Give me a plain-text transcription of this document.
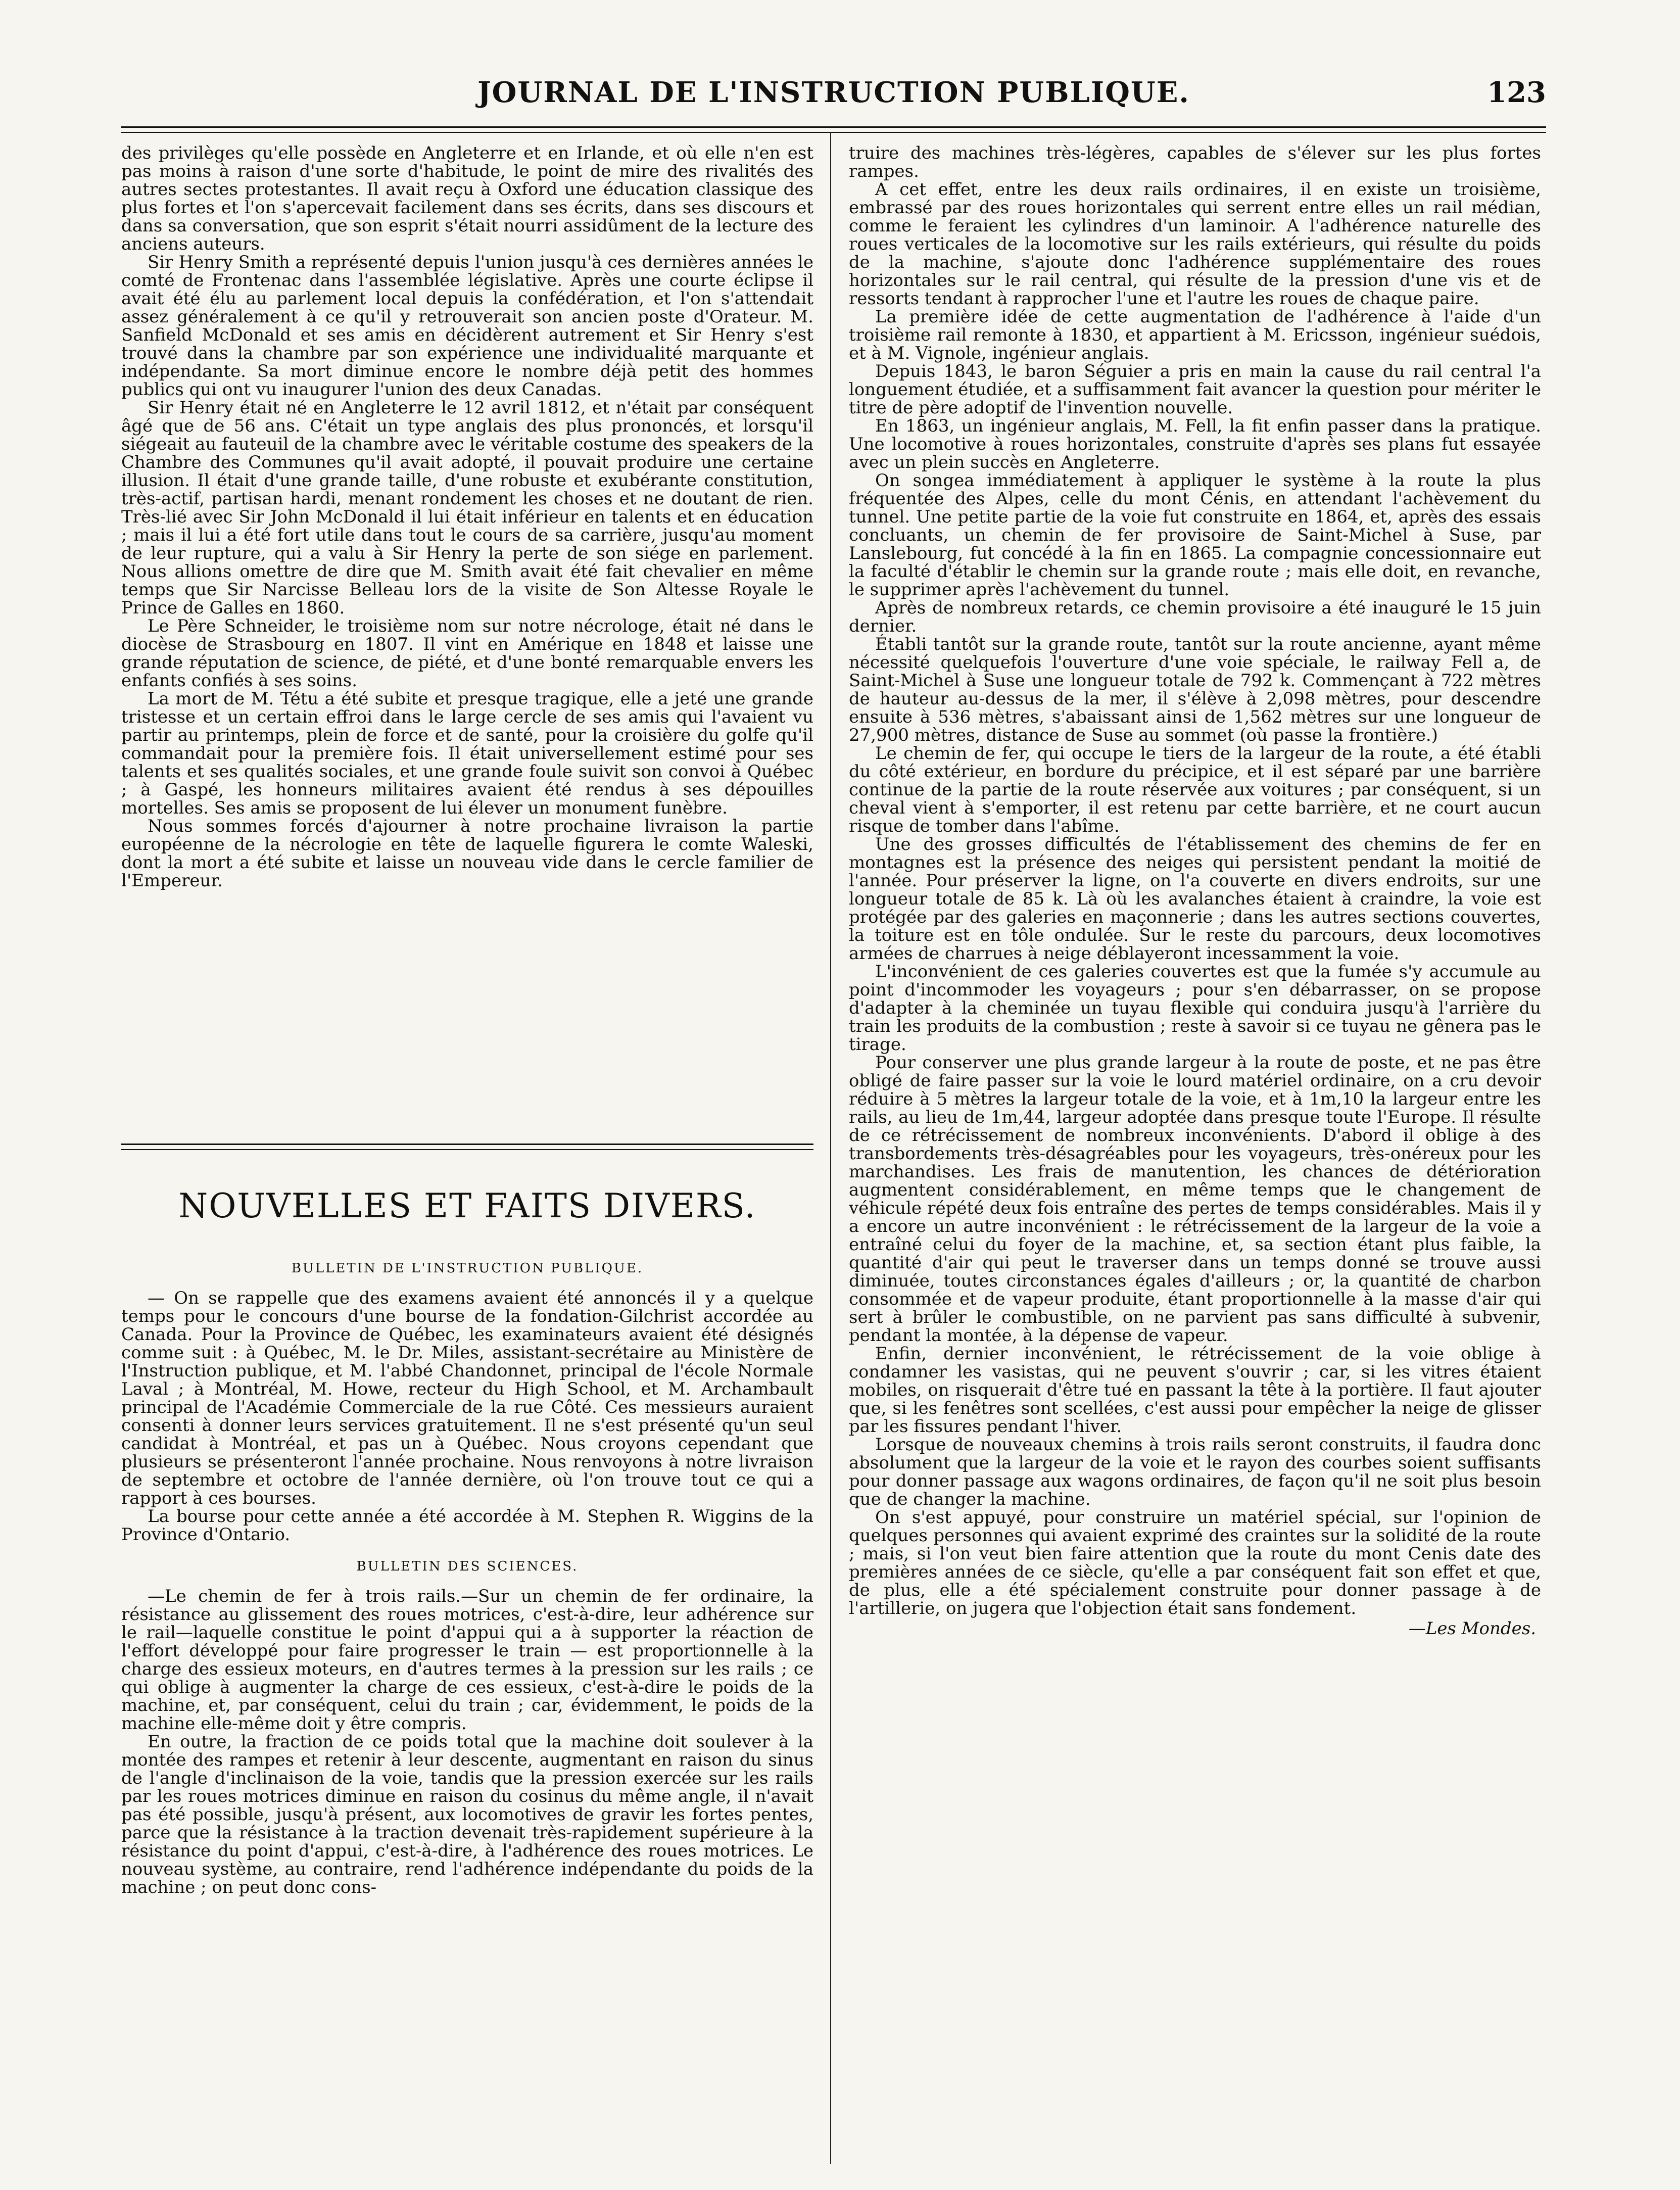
JOURNAL DE L'INSTRUCTION PUBLIQUE.	123

des privilèges qu'elle possède en Angleterre et en Irlande, et où elle n'en est pas moins à raison d'une sorte d'habitude, le point de mire des rivalités des autres sectes protestantes. Il avait reçu à Oxford une éducation classique des plus fortes et l'on s'apercevait facilement dans ses écrits, dans ses discours et dans sa conversation, que son esprit s'était nourri assidûment de la lecture des anciens auteurs.

Sir Henry Smith a représenté depuis l'union jusqu'à ces dernières années le comté de Frontenac dans l'assemblée législative. Après une courte éclipse il avait été élu au parlement local depuis la confédération, et l'on s'attendait assez généralement à ce qu'il y retrouverait son ancien poste d'Orateur. M. Sanfield McDonald et ses amis en décidèrent autrement et Sir Henry s'est trouvé dans la chambre par son expérience une individualité marquante et indépendante. Sa mort diminue encore le nombre déjà petit des hommes publics qui ont vu inaugurer l'union des deux Canadas.

Sir Henry était né en Angleterre le 12 avril 1812, et n'était par conséquent âgé que de 56 ans. C'était un type anglais des plus prononcés, et lorsqu'il siégeait au fauteuil de la chambre avec le véritable costume des speakers de la Chambre des Communes qu'il avait adopté, il pouvait produire une certaine illusion. Il était d'une grande taille, d'une robuste et exubérante constitution, très-actif, partisan hardi, menant rondement les choses et ne doutant de rien. Très-lié avec Sir John McDonald il lui était inférieur en talents et en éducation ; mais il lui a été fort utile dans tout le cours de sa carrière, jusqu'au moment de leur rupture, qui a valu à Sir Henry la perte de son siége en parlement. Nous allions omettre de dire que M. Smith avait été fait chevalier en même temps que Sir Narcisse Belleau lors de la visite de Son Altesse Royale le Prince de Galles en 1860.

Le Père Schneider, le troisième nom sur notre nécrologe, était né dans le diocèse de Strasbourg en 1807. Il vint en Amérique en 1848 et laisse une grande réputation de science, de piété, et d'une bonté remarquable envers les enfants confiés à ses soins.

La mort de M. Tétu a été subite et presque tragique, elle a jeté une grande tristesse et un certain effroi dans le large cercle de ses amis qui l'avaient vu partir au printemps, plein de force et de santé, pour la croisière du golfe qu'il commandait pour la première fois. Il était universellement estimé pour ses talents et ses qualités sociales, et une grande foule suivit son convoi à Québec ; à Gaspé, les honneurs militaires avaient été rendus à ses dépouilles mortelles. Ses amis se proposent de lui élever un monument funèbre.

Nous sommes forcés d'ajourner à notre prochaine livraison la partie européenne de la nécrologie en tête de laquelle figurera le comte Waleski, dont la mort a été subite et laisse un nouveau vide dans le cercle familier de l'Empereur.

NOUVELLES ET FAITS DIVERS.
BULLETIN DE L'INSTRUCTION PUBLIQUE.

— On se rappelle que des examens avaient été annoncés il y a quelque temps pour le concours d'une bourse de la fondation-Gilchrist accordée au Canada. Pour la Province de Québec, les examinateurs avaient été désignés comme suit : à Québec, M. le Dr. Miles, assistant-secrétaire au Ministère de l'Instruction publique, et M. l'abbé Chandonnet, principal de l'école Normale Laval ; à Montréal, M. Howe, recteur du High School, et M. Archambault principal de l'Académie Commerciale de la rue Côté. Ces messieurs auraient consenti à donner leurs services gratuitement. Il ne s'est présenté qu'un seul candidat à Montréal, et pas un à Québec. Nous croyons cependant que plusieurs se présenteront l'année prochaine. Nous renvoyons à notre livraison de septembre et octobre de l'année dernière, où l'on trouve tout ce qui a rapport à ces bourses.

La bourse pour cette année a été accordée à M. Stephen R. Wiggins de la Province d'Ontario.

BULLETIN DES SCIENCES.

—Le chemin de fer à trois rails.—Sur un chemin de fer ordinaire, la résistance au glissement des roues motrices, c'est-à-dire, leur adhérence sur le rail—laquelle constitue le point d'appui qui a à supporter la réaction de l'effort développé pour faire progresser le train — est proportionnelle à la charge des essieux moteurs, en d'autres termes à la pression sur les rails ; ce qui oblige à augmenter la charge de ces essieux, c'est-à-dire le poids de la machine, et, par conséquent, celui du train ; car, évidemment, le poids de la machine elle-même doit y être compris.

En outre, la fraction de ce poids total que la machine doit soulever à la montée des rampes et retenir à leur descente, augmentant en raison du sinus de l'angle d'inclinaison de la voie, tandis que la pression exercée sur les rails par les roues motrices diminue en raison du cosinus du même angle, il n'avait pas été possible, jusqu'à présent, aux locomotives de gravir les fortes pentes, parce que la résistance à la traction devenait très-rapidement supérieure à la résistance du point d'appui, c'est-à-dire, à l'adhérence des roues motrices. Le nouveau système, au contraire, rend l'adhérence indépendante du poids de la machine ; on peut donc cons-

truire des machines très-légères, capables de s'élever sur les plus fortes rampes.

A cet effet, entre les deux rails ordinaires, il en existe un troisième, embrassé par des roues horizontales qui serrent entre elles un rail médian, comme le feraient les cylindres d'un laminoir. A l'adhérence naturelle des roues verticales de la locomotive sur les rails extérieurs, qui résulte du poids de la machine, s'ajoute donc l'adhérence supplémentaire des roues horizontales sur le rail central, qui résulte de la pression d'une vis et de ressorts tendant à rapprocher l'une et l'autre les roues de chaque paire.

La première idée de cette augmentation de l'adhérence à l'aide d'un troisième rail remonte à 1830, et appartient à M. Ericsson, ingénieur suédois, et à M. Vignole, ingénieur anglais.

Depuis 1843, le baron Séguier a pris en main la cause du rail central l'a longuement étudiée, et a suffisamment fait avancer la question pour mériter le titre de père adoptif de l'invention nouvelle.

En 1863, un ingénieur anglais, M. Fell, la fit enfin passer dans la pratique. Une locomotive à roues horizontales, construite d'après ses plans fut essayée avec un plein succès en Angleterre.

On songea immédiatement à appliquer le système à la route la plus fréquentée des Alpes, celle du mont Cénis, en attendant l'achèvement du tunnel. Une petite partie de la voie fut construite en 1864, et, après des essais concluants, un chemin de fer provisoire de Saint-Michel à Suse, par Lanslebourg, fut concédé à la fin en 1865. La compagnie concessionnaire eut la faculté d'établir le chemin sur la grande route ; mais elle doit, en revanche, le supprimer après l'achèvement du tunnel.

Après de nombreux retards, ce chemin provisoire a été inauguré le 15 juin dernier.

Établi tantôt sur la grande route, tantôt sur la route ancienne, ayant même nécessité quelquefois l'ouverture d'une voie spéciale, le railway Fell a, de Saint-Michel à Suse une longueur totale de 792 k. Commençant à 722 mètres de hauteur au-dessus de la mer, il s'élève à 2,098 mètres, pour descendre ensuite à 536 mètres, s'abaissant ainsi de 1,562 mètres sur une longueur de 27,900 mètres, distance de Suse au sommet (où passe la frontière.)

Le chemin de fer, qui occupe le tiers de la largeur de la route, a été établi du côté extérieur, en bordure du précipice, et il est séparé par une barrière continue de la partie de la route réservée aux voitures ; par conséquent, si un cheval vient à s'emporter, il est retenu par cette barrière, et ne court aucun risque de tomber dans l'abîme.

Une des grosses difficultés de l'établissement des chemins de fer en montagnes est la présence des neiges qui persistent pendant la moitié de l'année. Pour préserver la ligne, on l'a couverte en divers endroits, sur une longueur totale de 85 k. Là où les avalanches étaient à craindre, la voie est protégée par des galeries en maçonnerie ; dans les autres sections couvertes, la toiture est en tôle ondulée. Sur le reste du parcours, deux locomotives armées de charrues à neige déblayeront incessamment la voie.

L'inconvénient de ces galeries couvertes est que la fumée s'y accumule au point d'incommoder les voyageurs ; pour s'en débarrasser, on se propose d'adapter à la cheminée un tuyau flexible qui conduira jusqu'à l'arrière du train les produits de la combustion ; reste à savoir si ce tuyau ne gênera pas le tirage.

Pour conserver une plus grande largeur à la route de poste, et ne pas être obligé de faire passer sur la voie le lourd matériel ordinaire, on a cru devoir réduire à 5 mètres la largeur totale de la voie, et à 1m,10 la largeur entre les rails, au lieu de 1m,44, largeur adoptée dans presque toute l'Europe. Il résulte de ce rétrécissement de nombreux inconvénients. D'abord il oblige à des transbordements très-désagréables pour les voyageurs, très-onéreux pour les marchandises. Les frais de manutention, les chances de détérioration augmentent considérablement, en même temps que le changement de véhicule répété deux fois entraîne des pertes de temps considérables. Mais il y a encore un autre inconvénient : le rétrécissement de la largeur de la voie a entraîné celui du foyer de la machine, et, sa section étant plus faible, la quantité d'air qui peut le traverser dans un temps donné se trouve aussi diminuée, toutes circonstances égales d'ailleurs ; or, la quantité de charbon consommée et de vapeur produite, étant proportionnelle à la masse d'air qui sert à brûler le combustible, on ne parvient pas sans difficulté à subvenir, pendant la montée, à la dépense de vapeur.

Enfin, dernier inconvénient, le rétrécissement de la voie oblige à condamner les vasistas, qui ne peuvent s'ouvrir ; car, si les vitres étaient mobiles, on risquerait d'être tué en passant la tête à la portière. Il faut ajouter que, si les fenêtres sont scellées, c'est aussi pour empêcher la neige de glisser par les fissures pendant l'hiver.

Lorsque de nouveaux chemins à trois rails seront construits, il faudra donc absolument que la largeur de la voie et le rayon des courbes soient suffisants pour donner passage aux wagons ordinaires, de façon qu'il ne soit plus besoin que de changer la machine.

On s'est appuyé, pour construire un matériel spécial, sur l'opinion de quelques personnes qui avaient exprimé des craintes sur la solidité de la route ; mais, si l'on veut bien faire attention que la route du mont Cenis date des premières années de ce siècle, qu'elle a par conséquent fait son effet et que, de plus, elle a été spécialement construite pour donner passage à de l'artillerie, on jugera que l'objection était sans fondement.

—Les Mondes.
